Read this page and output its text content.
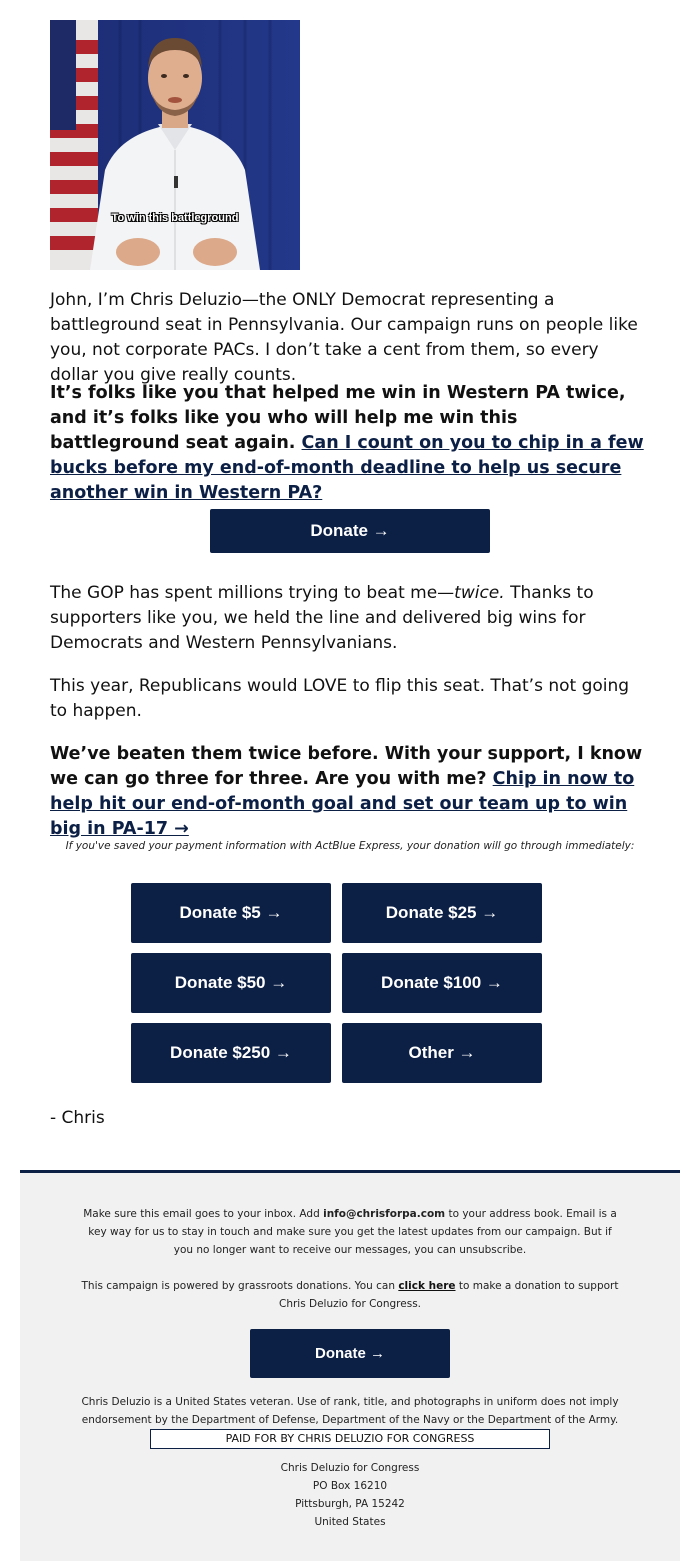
To win this battleground

John, I’m Chris Deluzio—the ONLY Democrat representing a battleground seat in Pennsylvania. Our campaign runs on people like you, not corporate PACs. I don’t take a cent from them, so every dollar you give really counts.

It’s folks like you that helped me win in Western PA twice, and it’s folks like you who will help me win this battleground seat again. Can I count on you to chip in a few bucks before my end-of-month deadline to help us secure another win in Western PA?

Donate →

The GOP has spent millions trying to beat me—twice. Thanks to supporters like you, we held the line and delivered big wins for Democrats and Western Pennsylvanians.

This year, Republicans would LOVE to flip this seat. That’s not going to happen.

We’ve beaten them twice before. With your support, I know we can go three for three. Are you with me? Chip in now to help hit our end-of-month goal and set our team up to win big in PA-17 →

If you've saved your payment information with ActBlue Express, your donation will go through immediately:
Donate $5 →	Donate $25 →
Donate $50 →	Donate $100 →
Donate $250 →	Other →

- Chris

Make sure this email goes to your inbox. Add info@chrisforpa.com to your address book. Email is a key way for us to stay in touch and make sure you get the latest updates from our campaign. But if you no longer want to receive our messages, you can unsubscribe.

This campaign is powered by grassroots donations. You can click here to make a donation to support Chris Deluzio for Congress.

Donate →

Chris Deluzio is a United States veteran. Use of rank, title, and photographs in uniform does not imply endorsement by the Department of Defense, Department of the Navy or the Department of the Army.

PAID FOR BY CHRIS DELUZIO FOR CONGRESS
Chris Deluzio for Congress
PO Box 16210
Pittsburgh, PA 15242
United States
